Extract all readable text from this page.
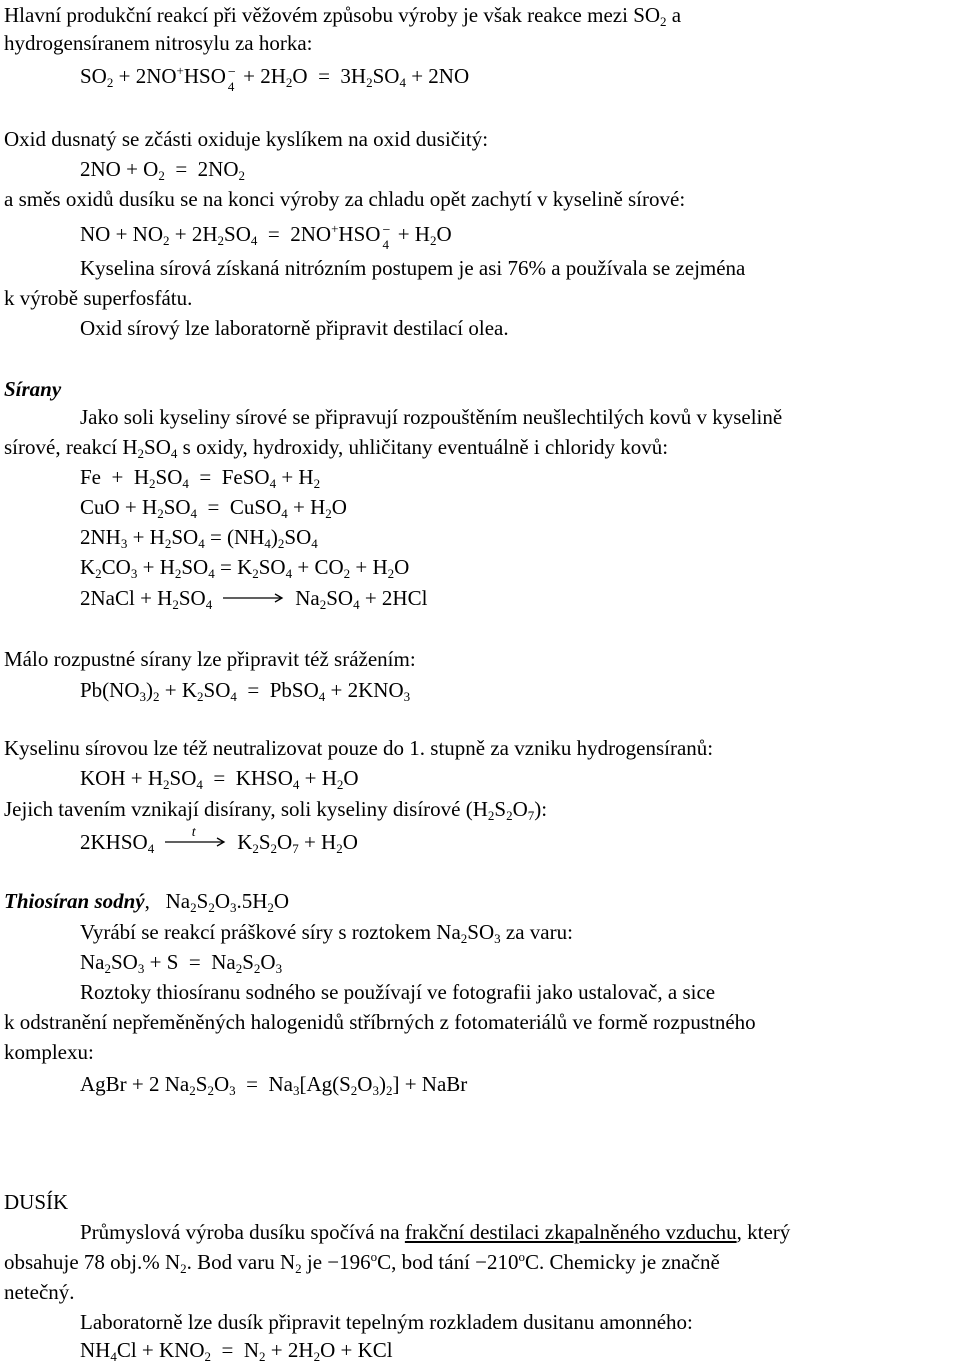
Hlavní produkční reakcí při věžovém způsobu výroby je však reakce mezi $SO_2$ a
hydrogensíranem nitrosylu za horka:
$SO_2 + 2NO^+HSO$ −
$4 + 2H_2O = 3H_2SO_4 + 2NO$
Oxid dusnatý se zčásti oxiduje kyslíkem na oxid dusičitý:
$2NO + O_2 = 2NO_2$
a směs oxidů dusíku se na konci výroby za chladu opět zachytí v kyselině sírové:
NO + $NO_2 + 2H_2SO_4 = 2NO^+HSO$ −
$4 + H_2O$
Kyselina sírová získaná nitrózním postupem je asi 76% a používala se zejména
k výrobě superfosfátu.
Oxid sírový lze laboratorně připravit destilací olea.
Sírany
Jako soli kyseliny sírové se připravují rozpouštěním neušlechtilých kovů v kyselině
sírové, reakcí $H_2SO_4$ s oxidy, hydroxidy, uhličitany eventuálně i chloridy kovů:
$Fe + H_2SO_4$  =  FeSO$_4$ + $H_2$
CuO + $H_2SO_4$  =  CuSO$_4$ + $H_2O$
$2NH_3 + H_2SO_4 = (NH_4)_2SO_4$
$K_2CO_3 + H_2SO_4 = K_2SO_4 + CO_2 + H_2O$
2NaCl + $H_2SO_4 \to Na_2SO_4 + 2HCl$
Málo rozpustné sírany lze připravit též srážením:
$Pb(NO_3)_2 + K_2SO_4$  =  PbSO$_4$ + $2KNO_3$
Kyselinu sírovou lze též neutralizovat pouze do 1. stupně za vzniku hydrogensíranů:
KOH + $H_2SO_4$  =  $KHSO_4 + H_2O$
Jejich tavením vznikají disírany, soli kyseliny disírové $(H_2S_2O_7)$:
$2KHSO_4$
t $K_2S_2O_7 + H_2O$
Thiosíran sodný,   $Na_2S_2O_3.5H_2O$
Vyrábí se reakcí práškové síry s roztokem $Na_2SO_3$ za varu:
$Na_2SO_3 + S = Na_2S_2O_3$
Roztoky thiosíranu sodného se používají ve fotografii jako ustalovač, a sice
k odstranění nepřeměněných halogenidů stříbrných z fotomateriálů ve formě rozpustného
komplexu:
AgBr + 2 $Na_2S_2O_3 = Na_3[Ag(S_2O_3)_2]$ + NaBr
DUSÍK
Průmyslová výroba dusíku spočívá na frakční destilaci zkapalněného vzduchu, který
obsahuje 78 obj.% $N_2$. Bod varu $N_2$ je $-196^oC$, bod tání $-210^oC$. Chemicky je značně
netečný.
Laboratorně lze dusík připravit tepelným rozkladem dusitanu amonného:
$NH_4Cl + KNO_2 = N_2 + 2H_2O$ + KCl
